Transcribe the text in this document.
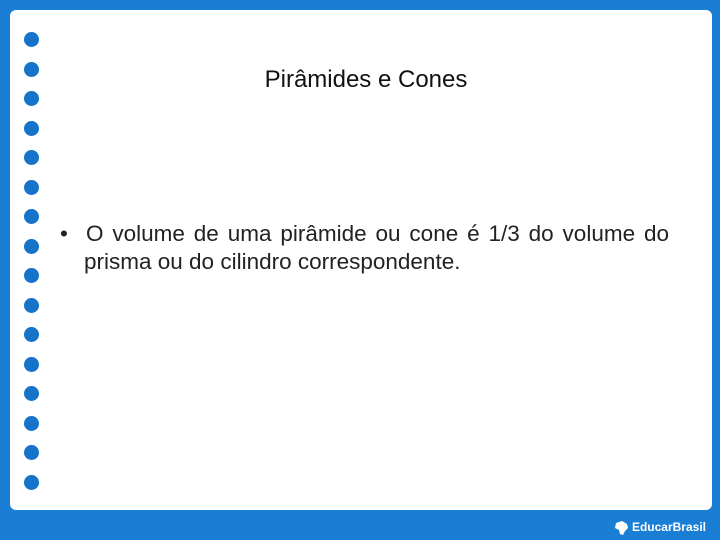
Pirâmides e Cones
• O volume de uma pirâmide ou cone é 1/3 do volume do prisma ou do cilindro correspondente.
EducarBrasil
